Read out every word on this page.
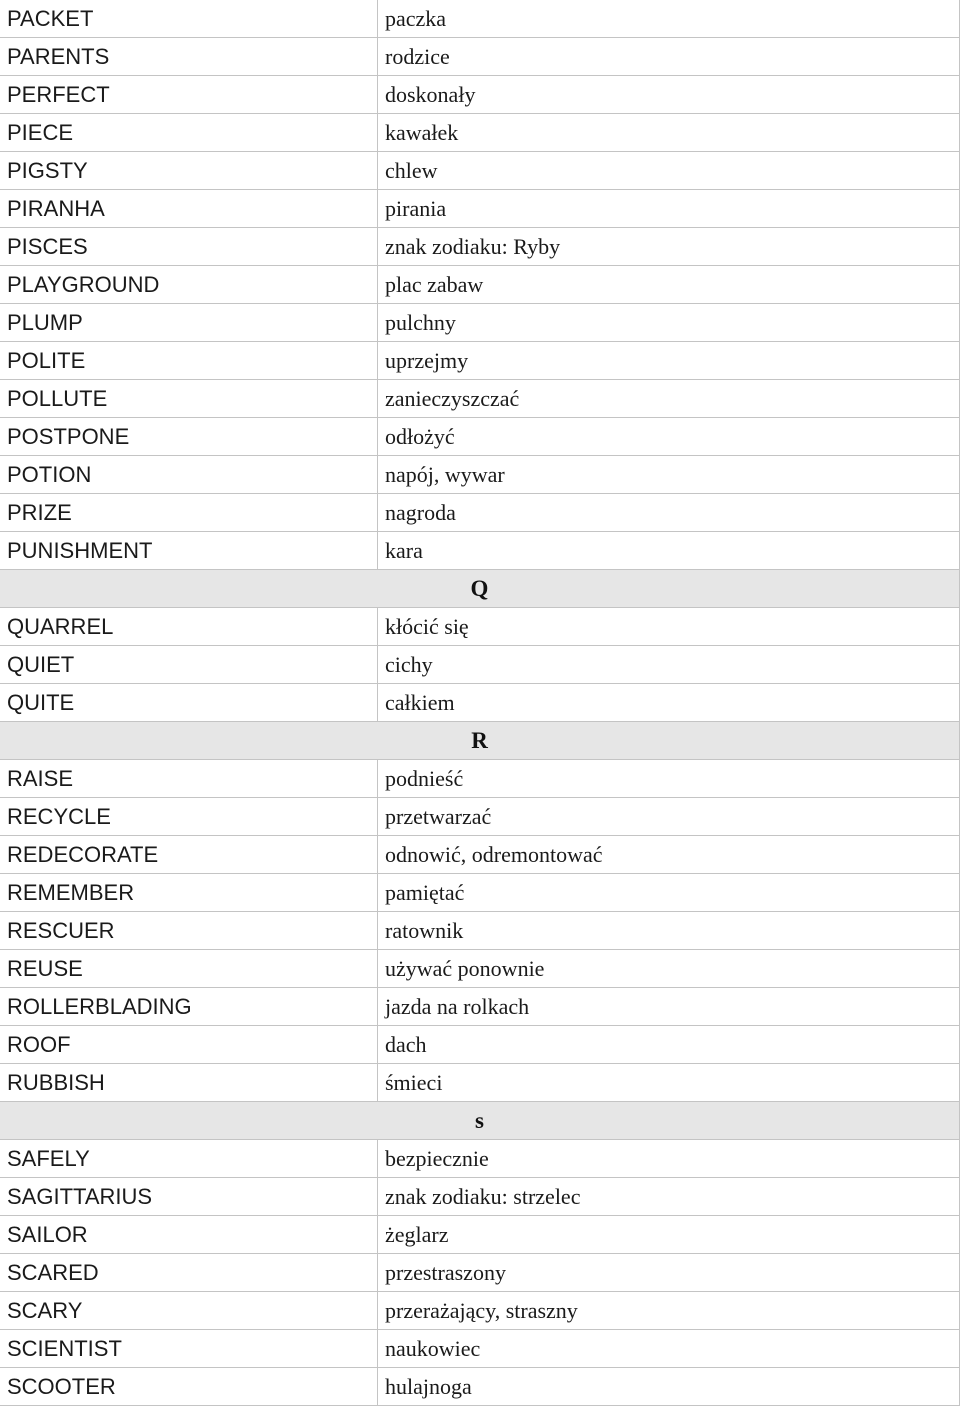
PACKET	paczka
PARENTS	rodzice
PERFECT	doskonały
PIECE	kawałek
PIGSTY	chlew
PIRANHA	pirania
PISCES	znak zodiaku: Ryby
PLAYGROUND	plac zabaw
PLUMP	pulchny
POLITE	uprzejmy
POLLUTE	zanieczyszczać
POSTPONE	odłożyć
POTION	napój, wywar
PRIZE	nagroda
PUNISHMENT	kara
Q	
QUARREL	kłócić się
QUIET	cichy
QUITE	całkiem
R	
RAISE	podnieść
RECYCLE	przetwarzać
REDECORATE	odnowić, odremontować
REMEMBER	pamiętać
RESCUER	ratownik
REUSE	używać ponownie
ROLLERBLADING	jazda na rolkach
ROOF	dach
RUBBISH	śmieci
s	
SAFELY	bezpiecznie
SAGITTARIUS	znak zodiaku: strzelec
SAILOR	żeglarz
SCARED	przestraszony
SCARY	przerażający, straszny
SCIENTIST	naukowiec
SCOOTER	hulajnoga
